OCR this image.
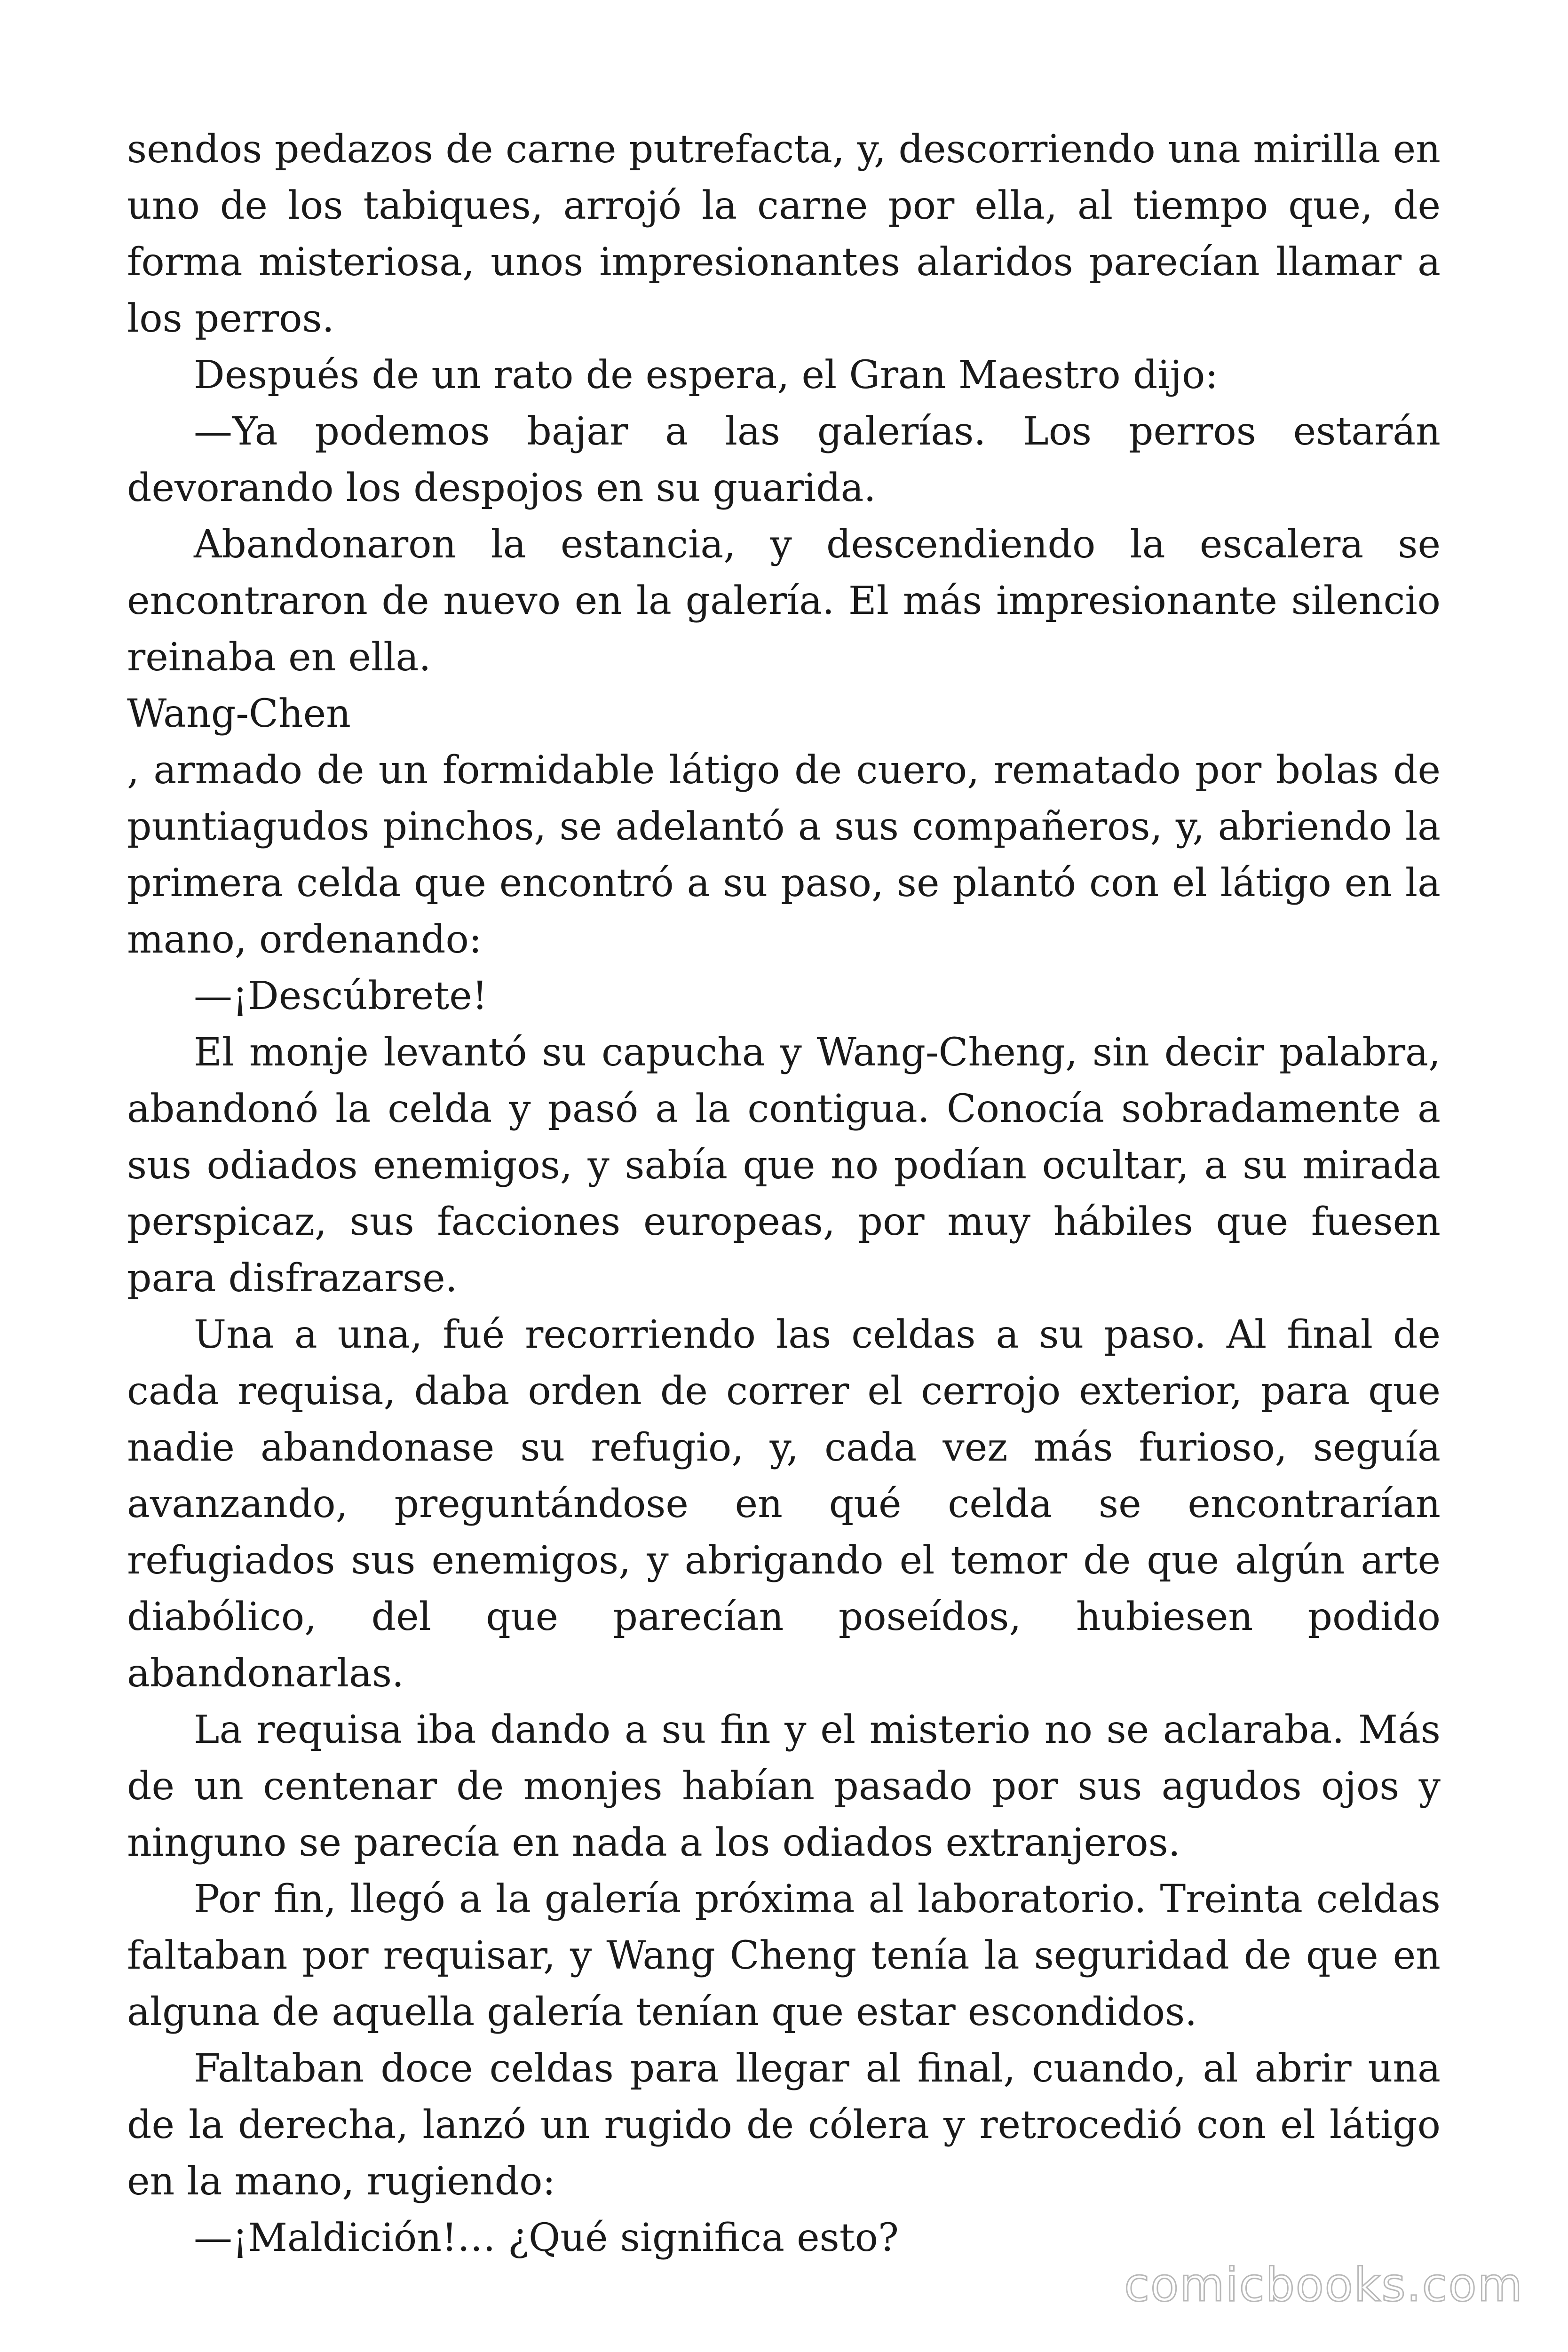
sendos pedazos de carne putrefacta, y, descorriendo una mirilla en uno de los tabiques, arrojó la carne por ella, al tiempo que, de forma misteriosa, unos impresionantes alaridos parecían llamar a los perros.

Después de un rato de espera, el Gran Maestro dijo:

—Ya podemos bajar a las galerías. Los perros estarán devorando los despojos en su guarida.

Abandonaron la estancia, y descendiendo la escalera se encontraron de nuevo en la galería. El más impresionante silencio reinaba en ella.

Wang-Chen

, armado de un formidable látigo de cuero, rematado por bolas de puntiagudos pinchos, se adelantó a sus compañeros, y, abriendo la primera celda que encontró a su paso, se plantó con el látigo en la mano, ordenando:

—¡Descúbrete!

El monje levantó su capucha y Wang-Cheng, sin decir palabra, abandonó la celda y pasó a la contigua. Conocía sobradamente a sus odiados enemigos, y sabía que no podían ocultar, a su mirada perspicaz, sus facciones europeas, por muy hábiles que fuesen para disfrazarse.

Una a una, fué recorriendo las celdas a su paso. Al final de cada requisa, daba orden de correr el cerrojo exterior, para que nadie abandonase su refugio, y, cada vez más furioso, seguía avanzando, preguntándose en qué celda se encontrarían refugiados sus enemigos, y abrigando el temor de que algún arte diabólico, del que parecían poseídos, hubiesen podido abandonarlas.

La requisa iba dando a su fin y el misterio no se aclaraba. Más de un centenar de monjes habían pasado por sus agudos ojos y ninguno se parecía en nada a los odiados extranjeros.

Por fin, llegó a la galería próxima al laboratorio. Treinta celdas faltaban por requisar, y Wang Cheng tenía la seguridad de que en alguna de aquella galería tenían que estar escondidos.

Faltaban doce celdas para llegar al final, cuando, al abrir una de la derecha, lanzó un rugido de cólera y retrocedió con el látigo en la mano, rugiendo:

—¡Maldición!… ¿Qué significa esto?

comicbooks.com
